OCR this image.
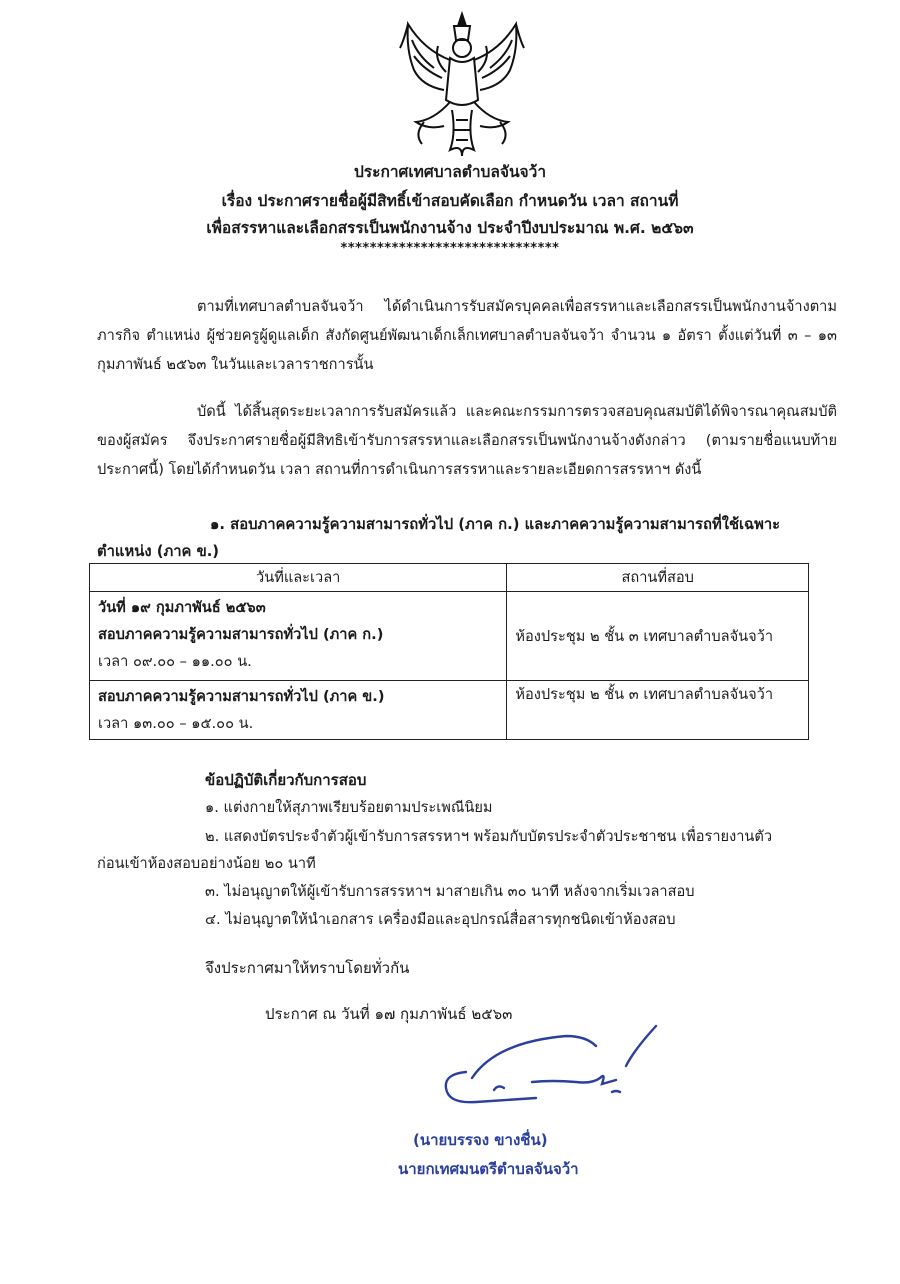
ประกาศเทศบาลตำบลจันจว้า
เรื่อง ประกาศรายชื่อผู้มีสิทธิ์เข้าสอบคัดเลือก กำหนดวัน เวลา สถานที่
เพื่อสรรหาและเลือกสรรเป็นพนักงานจ้าง ประจำปีงบประมาณ พ.ศ. ๒๕๖๓
******************************
ตามที่เทศบาลตำบลจันจว้า ได้ดำเนินการรับสมัครบุคคลเพื่อสรรหาและเลือกสรรเป็นพนักงานจ้างตามภารกิจ ตำแหน่ง ผู้ช่วยครูผู้ดูแลเด็ก สังกัดศูนย์พัฒนาเด็กเล็กเทศบาลตำบลจันจว้า จำนวน ๑ อัตรา ตั้งแต่วันที่ ๓ – ๑๓ กุมภาพันธ์ ๒๕๖๓ ในวันและเวลาราชการนั้น
บัดนี้ ได้สิ้นสุดระยะเวลาการรับสมัครแล้ว และคณะกรรมการตรวจสอบคุณสมบัติได้พิจารณาคุณสมบัติของผู้สมัคร จึงประกาศรายชื่อผู้มีสิทธิเข้ารับการสรรหาและเลือกสรรเป็นพนักงานจ้างดังกล่าว (ตามรายชื่อแนบท้ายประกาศนี้) โดยได้กำหนดวัน เวลา สถานที่การดำเนินการสรรหาและรายละเอียดการสรรหาฯ ดังนี้
๑. สอบภาคความรู้ความสามารถทั่วไป (ภาค ก.) และภาคความรู้ความสามารถที่ใช้เฉพาะ
ตำแหน่ง (ภาค ข.)
วันที่และเวลา	สถานที่สอบ

วันที่ ๑๙ กุมภาพันธ์ ๒๕๖๓
สอบภาคความรู้ความสามารถทั่วไป (ภาค ก.)
เวลา ๐๙.๐๐ – ๑๑.๐๐ น.	ห้องประชุม ๒ ชั้น ๓ เทศบาลตำบลจันจว้า

สอบภาคความรู้ความสามารถทั่วไป (ภาค ข.)
เวลา ๑๓.๐๐ – ๑๕.๐๐ น.	ห้องประชุม ๒ ชั้น ๓ เทศบาลตำบลจันจว้า
ข้อปฏิบัติเกี่ยวกับการสอบ
๑. แต่งกายให้สุภาพเรียบร้อยตามประเพณีนิยม
๒. แสดงบัตรประจำตัวผู้เข้ารับการสรรหาฯ พร้อมกับบัตรประจำตัวประชาชน เพื่อรายงานตัว
ก่อนเข้าห้องสอบอย่างน้อย ๒๐ นาที
๓. ไม่อนุญาตให้ผู้เข้ารับการสรรหาฯ มาสายเกิน ๓๐ นาที หลังจากเริ่มเวลาสอบ
๔. ไม่อนุญาตให้นำเอกสาร เครื่องมือและอุปกรณ์สื่อสารทุกชนิดเข้าห้องสอบ
จึงประกาศมาให้ทราบโดยทั่วกัน
ประกาศ ณ วันที่ ๑๗ กุมภาพันธ์ ๒๕๖๓
(นายบรรจง ขางชื่น)
นายกเทศมนตรีตำบลจันจว้า
